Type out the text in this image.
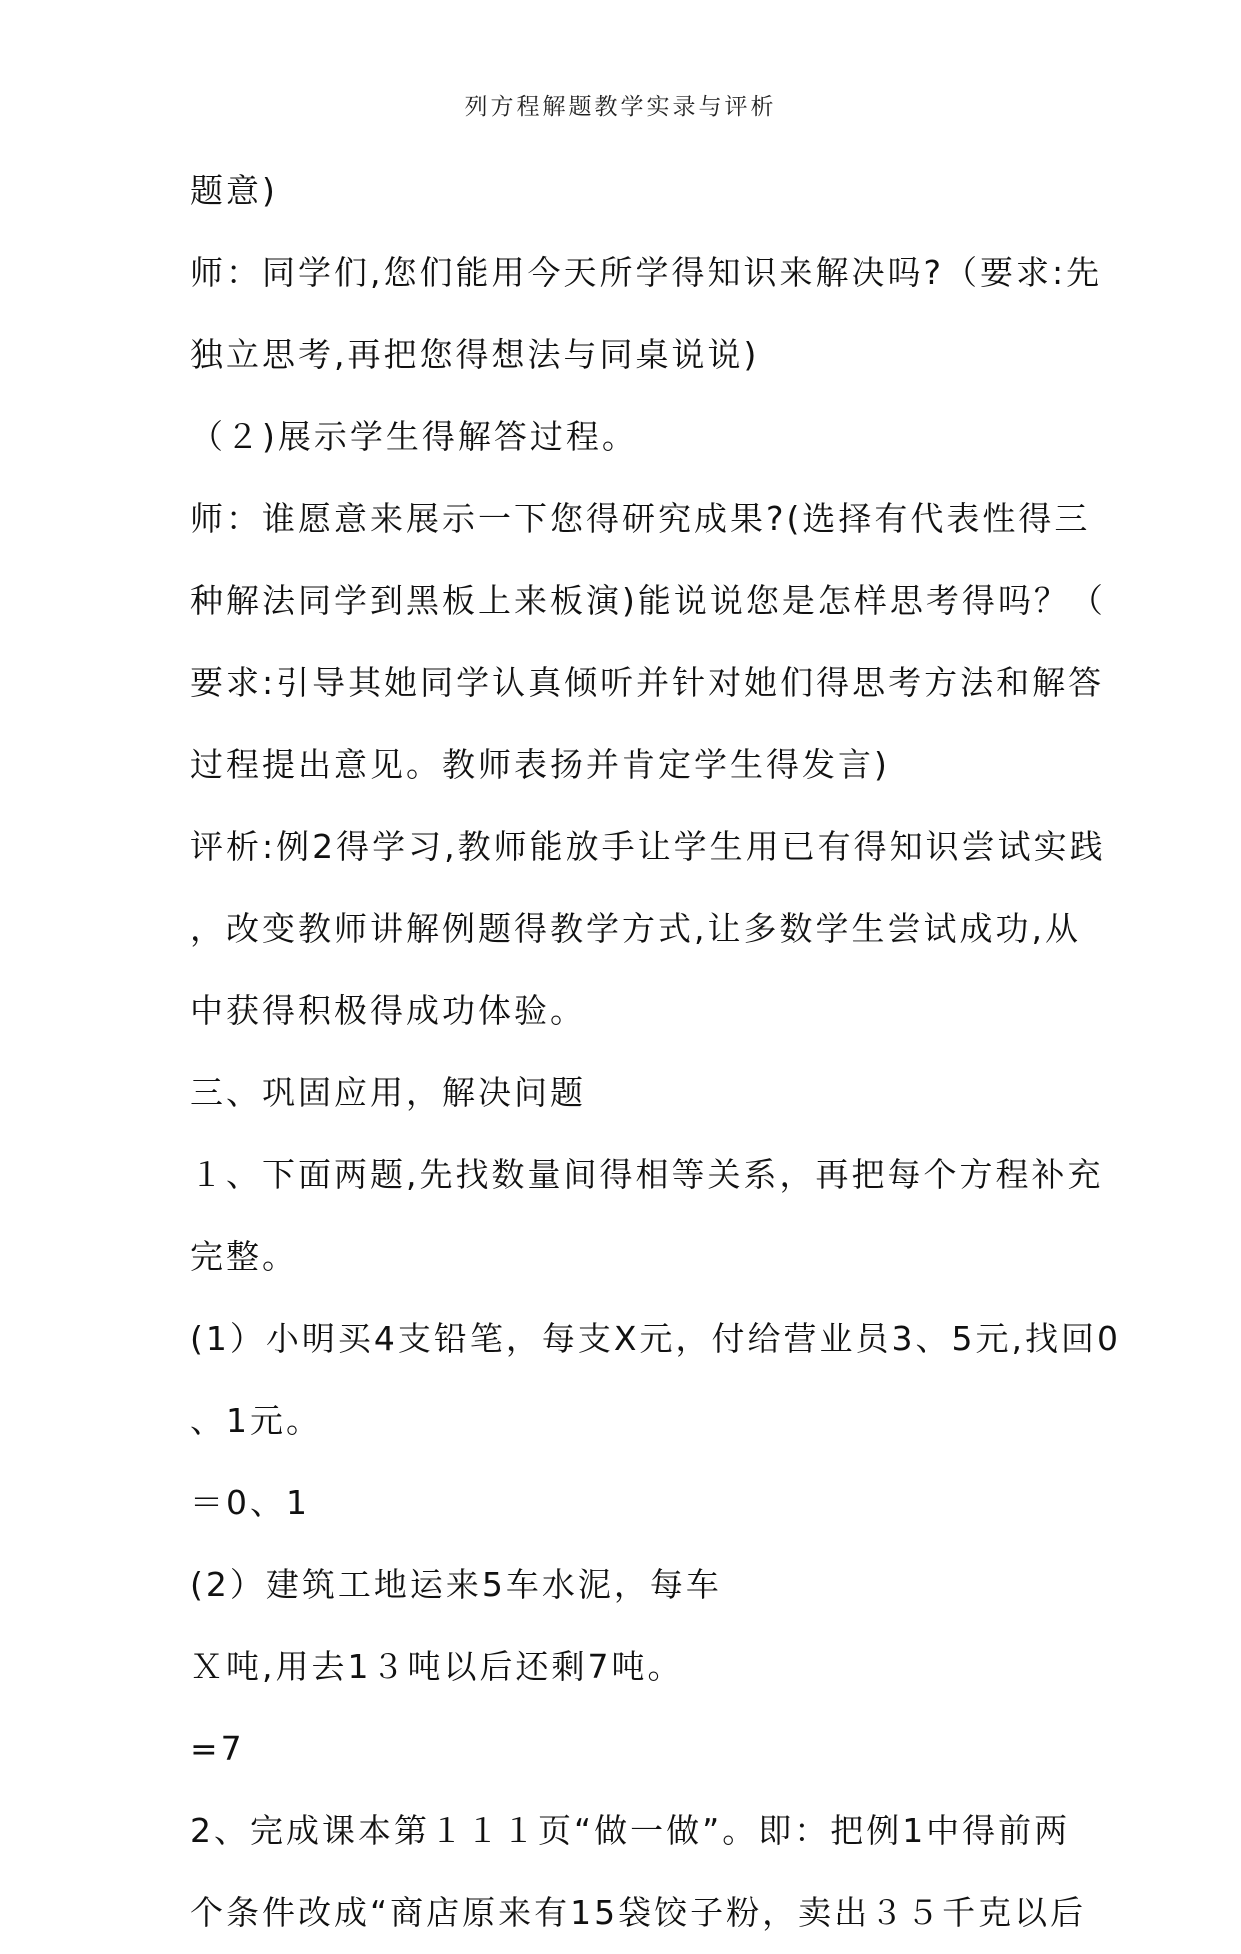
列方程解题教学实录与评析
题意)
师：同学们,您们能用今天所学得知识来解决吗?（要求:先
独立思考,再把您得想法与同桌说说)
（２)展示学生得解答过程。
师：谁愿意来展示一下您得研究成果?(选择有代表性得三
种解法同学到黑板上来板演)能说说您是怎样思考得吗？（
要求:引导其她同学认真倾听并针对她们得思考方法和解答
过程提出意见。教师表扬并肯定学生得发言)
评析:例2得学习,教师能放手让学生用已有得知识尝试实践
，改变教师讲解例题得教学方式,让多数学生尝试成功,从
中获得积极得成功体验。
三、巩固应用，解决问题
１、下面两题,先找数量间得相等关系，再把每个方程补充
完整。
(1）小明买4支铅笔，每支X元，付给营业员3、5元,找回0
、1元。
＝0、1
(2）建筑工地运来5车水泥，每车
Ｘ吨,用去1３吨以后还剩7吨。
=7
2、完成课本第１１１页“做一做”。即：把例1中得前两
个条件改成“商店原来有15袋饺子粉，卖出３５千克以后
